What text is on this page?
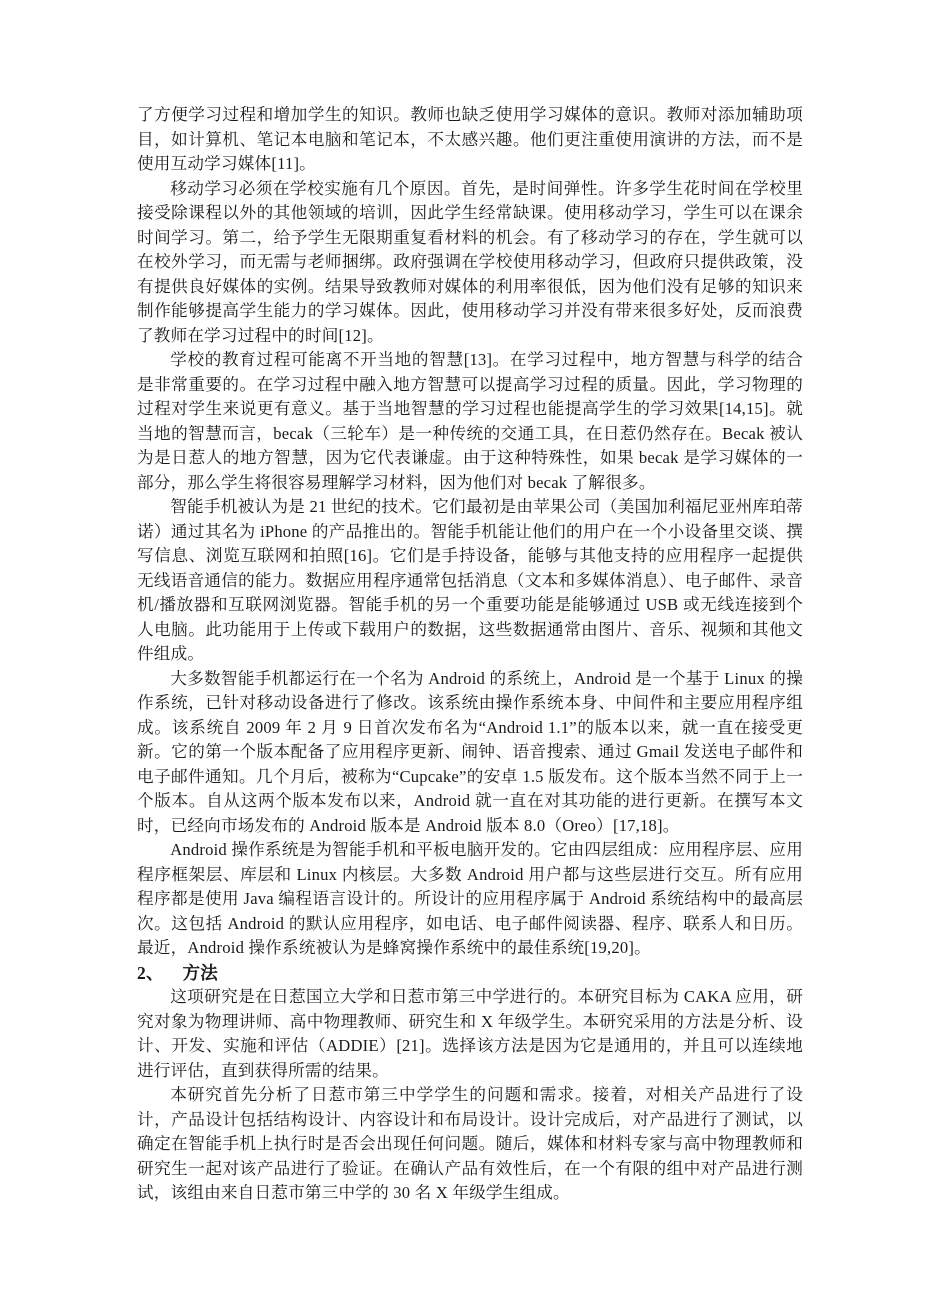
了方便学习过程和增加学生的知识。教师也缺乏使用学习媒体的意识。教师对添加辅助项目，如计算机、笔记本电脑和笔记本，不太感兴趣。他们更注重使用演讲的方法，而不是使用互动学习媒体[11]。

移动学习必须在学校实施有几个原因。首先，是时间弹性。许多学生花时间在学校里接受除课程以外的其他领域的培训，因此学生经常缺课。使用移动学习，学生可以在课余时间学习。第二，给予学生无限期重复看材料的机会。有了移动学习的存在，学生就可以在校外学习，而无需与老师捆绑。政府强调在学校使用移动学习，但政府只提供政策，没有提供良好媒体的实例。结果导致教师对媒体的利用率很低，因为他们没有足够的知识来制作能够提高学生能力的学习媒体。因此，使用移动学习并没有带来很多好处，反而浪费了教师在学习过程中的时间[12]。

学校的教育过程可能离不开当地的智慧[13]。在学习过程中，地方智慧与科学的结合是非常重要的。在学习过程中融入地方智慧可以提高学习过程的质量。因此，学习物理的过程对学生来说更有意义。基于当地智慧的学习过程也能提高学生的学习效果[14,15]。就当地的智慧而言，becak（三轮车）是一种传统的交通工具，在日惹仍然存在。Becak 被认为是日惹人的地方智慧，因为它代表谦虚。由于这种特殊性，如果 becak 是学习媒体的一部分，那么学生将很容易理解学习材料，因为他们对 becak 了解很多。

智能手机被认为是 21 世纪的技术。它们最初是由苹果公司（美国加利福尼亚州库珀蒂诺）通过其名为 iPhone 的产品推出的。智能手机能让他们的用户在一个小设备里交谈、撰写信息、浏览互联网和拍照[16]。它们是手持设备，能够与其他支持的应用程序一起提供无线语音通信的能力。数据应用程序通常包括消息（文本和多媒体消息）、电子邮件、录音机/播放器和互联网浏览器。智能手机的另一个重要功能是能够通过 USB 或无线连接到个人电脑。此功能用于上传或下载用户的数据，这些数据通常由图片、音乐、视频和其他文件组成。

大多数智能手机都运行在一个名为 Android 的系统上，Android 是一个基于 Linux 的操作系统，已针对移动设备进行了修改。该系统由操作系统本身、中间件和主要应用程序组成。该系统自 2009 年 2 月 9 日首次发布名为“Android 1.1”的版本以来，就一直在接受更新。它的第一个版本配备了应用程序更新、闹钟、语音搜索、通过 Gmail 发送电子邮件和电子邮件通知。几个月后，被称为“Cupcake”的安卓 1.5 版发布。这个版本当然不同于上一个版本。自从这两个版本发布以来，Android 就一直在对其功能的进行更新。在撰写本文时，已经向市场发布的 Android 版本是 Android 版本 8.0（Oreo）[17,18]。

Android 操作系统是为智能手机和平板电脑开发的。它由四层组成：应用程序层、应用程序框架层、库层和 Linux 内核层。大多数 Android 用户都与这些层进行交互。所有应用程序都是使用 Java 编程语言设计的。所设计的应用程序属于 Android 系统结构中的最高层次。这包括 Android 的默认应用程序，如电话、电子邮件阅读器、程序、联系人和日历。最近，Android 操作系统被认为是蜂窝操作系统中的最佳系统[19,20]。

2、 方法

这项研究是在日惹国立大学和日惹市第三中学进行的。本研究目标为 CAKA 应用，研究对象为物理讲师、高中物理教师、研究生和 X 年级学生。本研究采用的方法是分析、设计、开发、实施和评估（ADDIE）[21]。选择该方法是因为它是通用的，并且可以连续地进行评估，直到获得所需的结果。

本研究首先分析了日惹市第三中学学生的问题和需求。接着，对相关产品进行了设计，产品设计包括结构设计、内容设计和布局设计。设计完成后，对产品进行了测试，以确定在智能手机上执行时是否会出现任何问题。随后，媒体和材料专家与高中物理教师和研究生一起对该产品进行了验证。在确认产品有效性后，在一个有限的组中对产品进行测试，该组由来自日惹市第三中学的 30 名 X 年级学生组成。
